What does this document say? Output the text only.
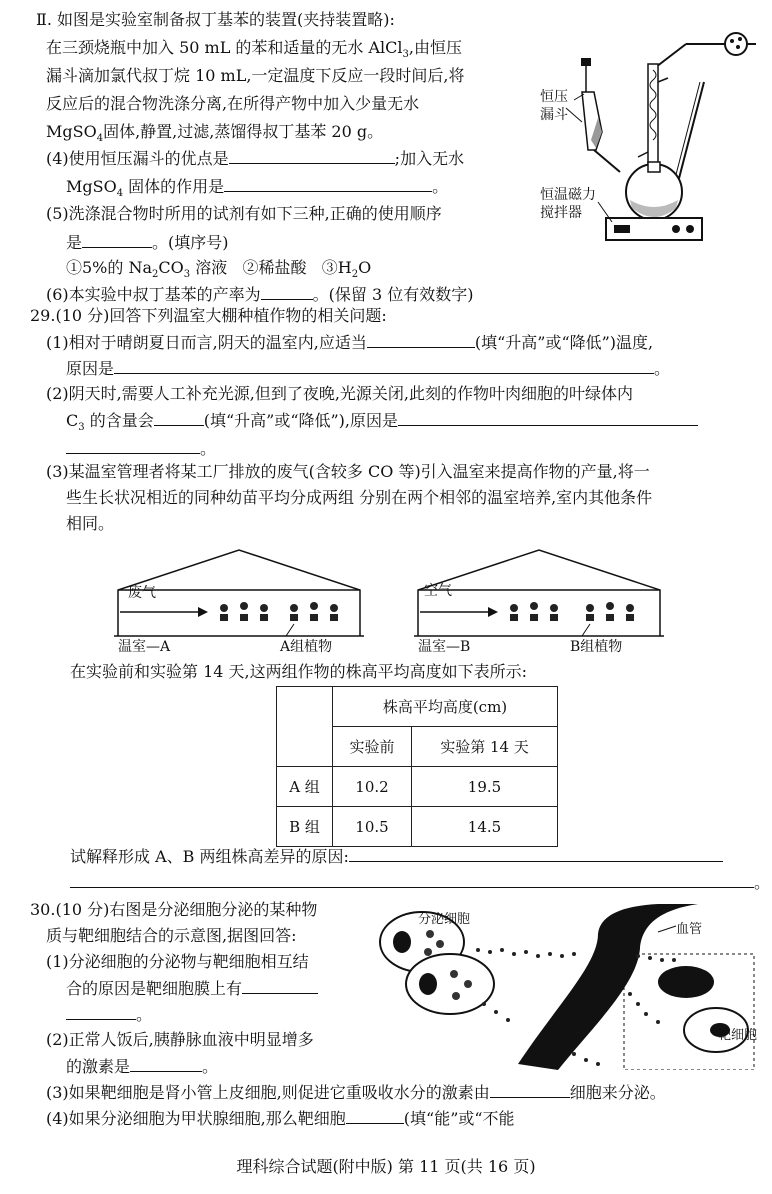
Ⅱ. 如图是实验室制备叔丁基苯的装置(夹持装置略):
在三颈烧瓶中加入 50 mL 的苯和适量的无水 AlCl$_3$,由恒压
漏斗滴加氯代叔丁烷 10 mL,一定温度下反应一段时间后,将
反应后的混合物洗涤分离,在所得产物中加入少量无水
MgSO$_4$固体,静置,过滤,蒸馏得叔丁基苯 20 g。
(4)使用恒压漏斗的优点是	;加入无水
MgSO$_4$ 固体的作用是	。
(5)洗涤混合物时所用的试剂有如下三种,正确的使用顺序
是	。(填序号)
①5%的 $Na_2CO_3$ 溶液 ②稀盐酸 $③H_2O$
(6)本实验中叔丁基苯的产率为	。(保留 3 位有效数字)
恒压
漏斗
恒温磁力
搅拌器
29.(10 分)回答下列温室大棚种植作物的相关问题:
(1)相对于晴朗夏日而言,阴天的温室内,应适当	(填“升高”或“降低”)温度,
原因是	。
(2)阴天时,需要人工补充光源,但到了夜晚,光源关闭,此刻的作物叶肉细胞的叶绿体内
$C_3$ 的含量会	(填“升高”或“降低”),原因是
。
(3)某温室管理者将某工厂排放的废气(含较多 CO 等)引入温室来提高作物的产量,将一
些生长状况相近的同种幼苗平均分成两组 分别在两个相邻的温室培养,室内其他条件
相同。
废气
温室—A	A组植物
空气
温室—B	B组植物
在实验前和实验第 14 天,这两组作物的株高平均高度如下表所示:
	株高平均高度(cm)	
	实验前	实验第 14 天
A 组	10.2	19.5
B 组	10.5	14.5
试解释形成 A、B 两组株高差异的原因:
。
30.(10 分)右图是分泌细胞分泌的某种物
质与靶细胞结合的示意图,据图回答:
(1)分泌细胞的分泌物与靶细胞相互结
合的原因是靶细胞膜上有
。
(2)正常人饭后,胰静脉血液中明显增多
的激素是	。
(3)如果靶细胞是肾小管上皮细胞,则促进它重吸收水分的激素由	细胞来分泌。
(4)如果分泌细胞为甲状腺细胞,那么靶细胞	(填“能”或“不能
分泌细胞
血管
靶细胞
理科综合试题(附中版) 第 11 页(共 16 页)
